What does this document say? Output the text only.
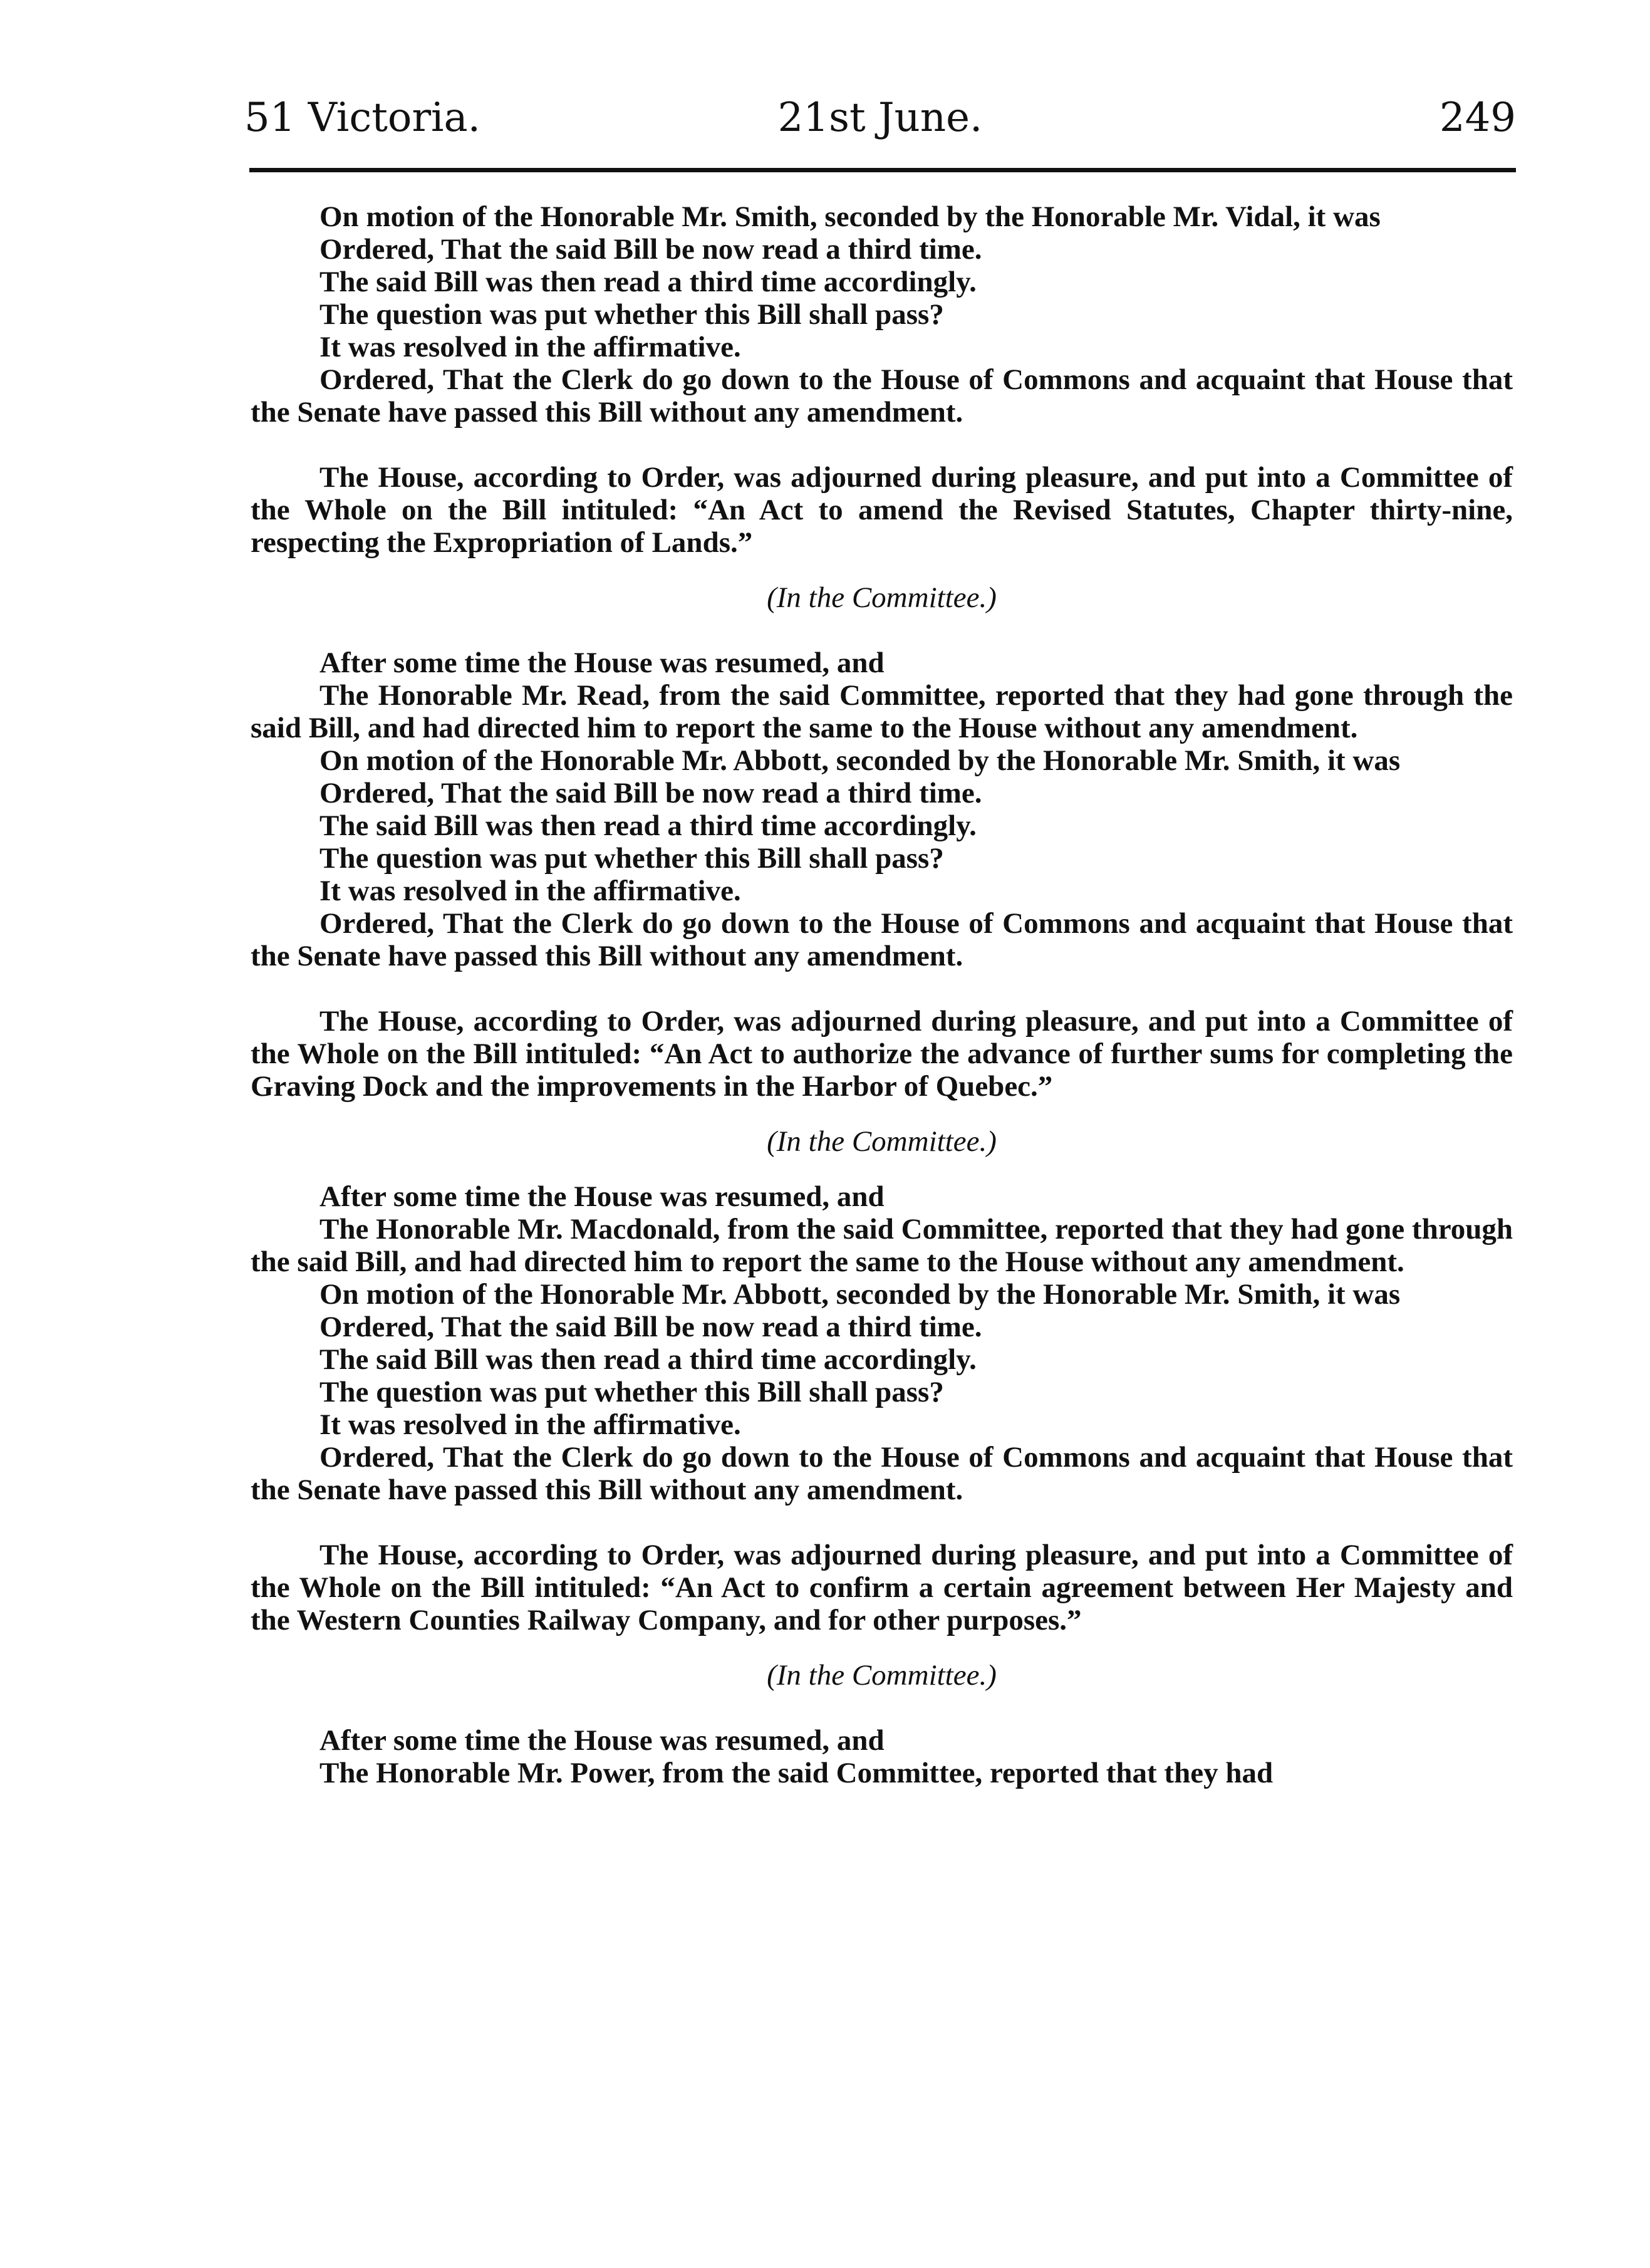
51 Victoria.	21st June.	249

On motion of the Honorable Mr. Smith, seconded by the Honorable Mr. Vidal, it was

Ordered, That the said Bill be now read a third time.

The said Bill was then read a third time accordingly.

The question was put whether this Bill shall pass?

It was resolved in the affirmative.

Ordered, That the Clerk do go down to the House of Commons and acquaint that House that the Senate have passed this Bill without any amendment.

The House, according to Order, was adjourned during pleasure, and put into a Committee of the Whole on the Bill intituled: “An Act to amend the Revised Statutes, Chapter thirty-nine, respecting the Expropriation of Lands.”

(In the Committee.)

After some time the House was resumed, and

The Honorable Mr. Read, from the said Committee, reported that they had gone through the said Bill, and had directed him to report the same to the House without any amendment.

On motion of the Honorable Mr. Abbott, seconded by the Honorable Mr. Smith, it was

Ordered, That the said Bill be now read a third time.

The said Bill was then read a third time accordingly.

The question was put whether this Bill shall pass?

It was resolved in the affirmative.

Ordered, That the Clerk do go down to the House of Commons and acquaint that House that the Senate have passed this Bill without any amendment.

The House, according to Order, was adjourned during pleasure, and put into a Committee of the Whole on the Bill intituled: “An Act to authorize the advance of further sums for completing the Graving Dock and the improvements in the Harbor of Quebec.”

(In the Committee.)

After some time the House was resumed, and

The Honorable Mr. Macdonald, from the said Committee, reported that they had gone through the said Bill, and had directed him to report the same to the House without any amendment.

On motion of the Honorable Mr. Abbott, seconded by the Honorable Mr. Smith, it was

Ordered, That the said Bill be now read a third time.

The said Bill was then read a third time accordingly.

The question was put whether this Bill shall pass?

It was resolved in the affirmative.

Ordered, That the Clerk do go down to the House of Commons and acquaint that House that the Senate have passed this Bill without any amendment.

The House, according to Order, was adjourned during pleasure, and put into a Committee of the Whole on the Bill intituled: “An Act to confirm a certain agreement between Her Majesty and the Western Counties Railway Company, and for other purposes.”

(In the Committee.)

After some time the House was resumed, and

The Honorable Mr. Power, from the said Committee, reported that they had
